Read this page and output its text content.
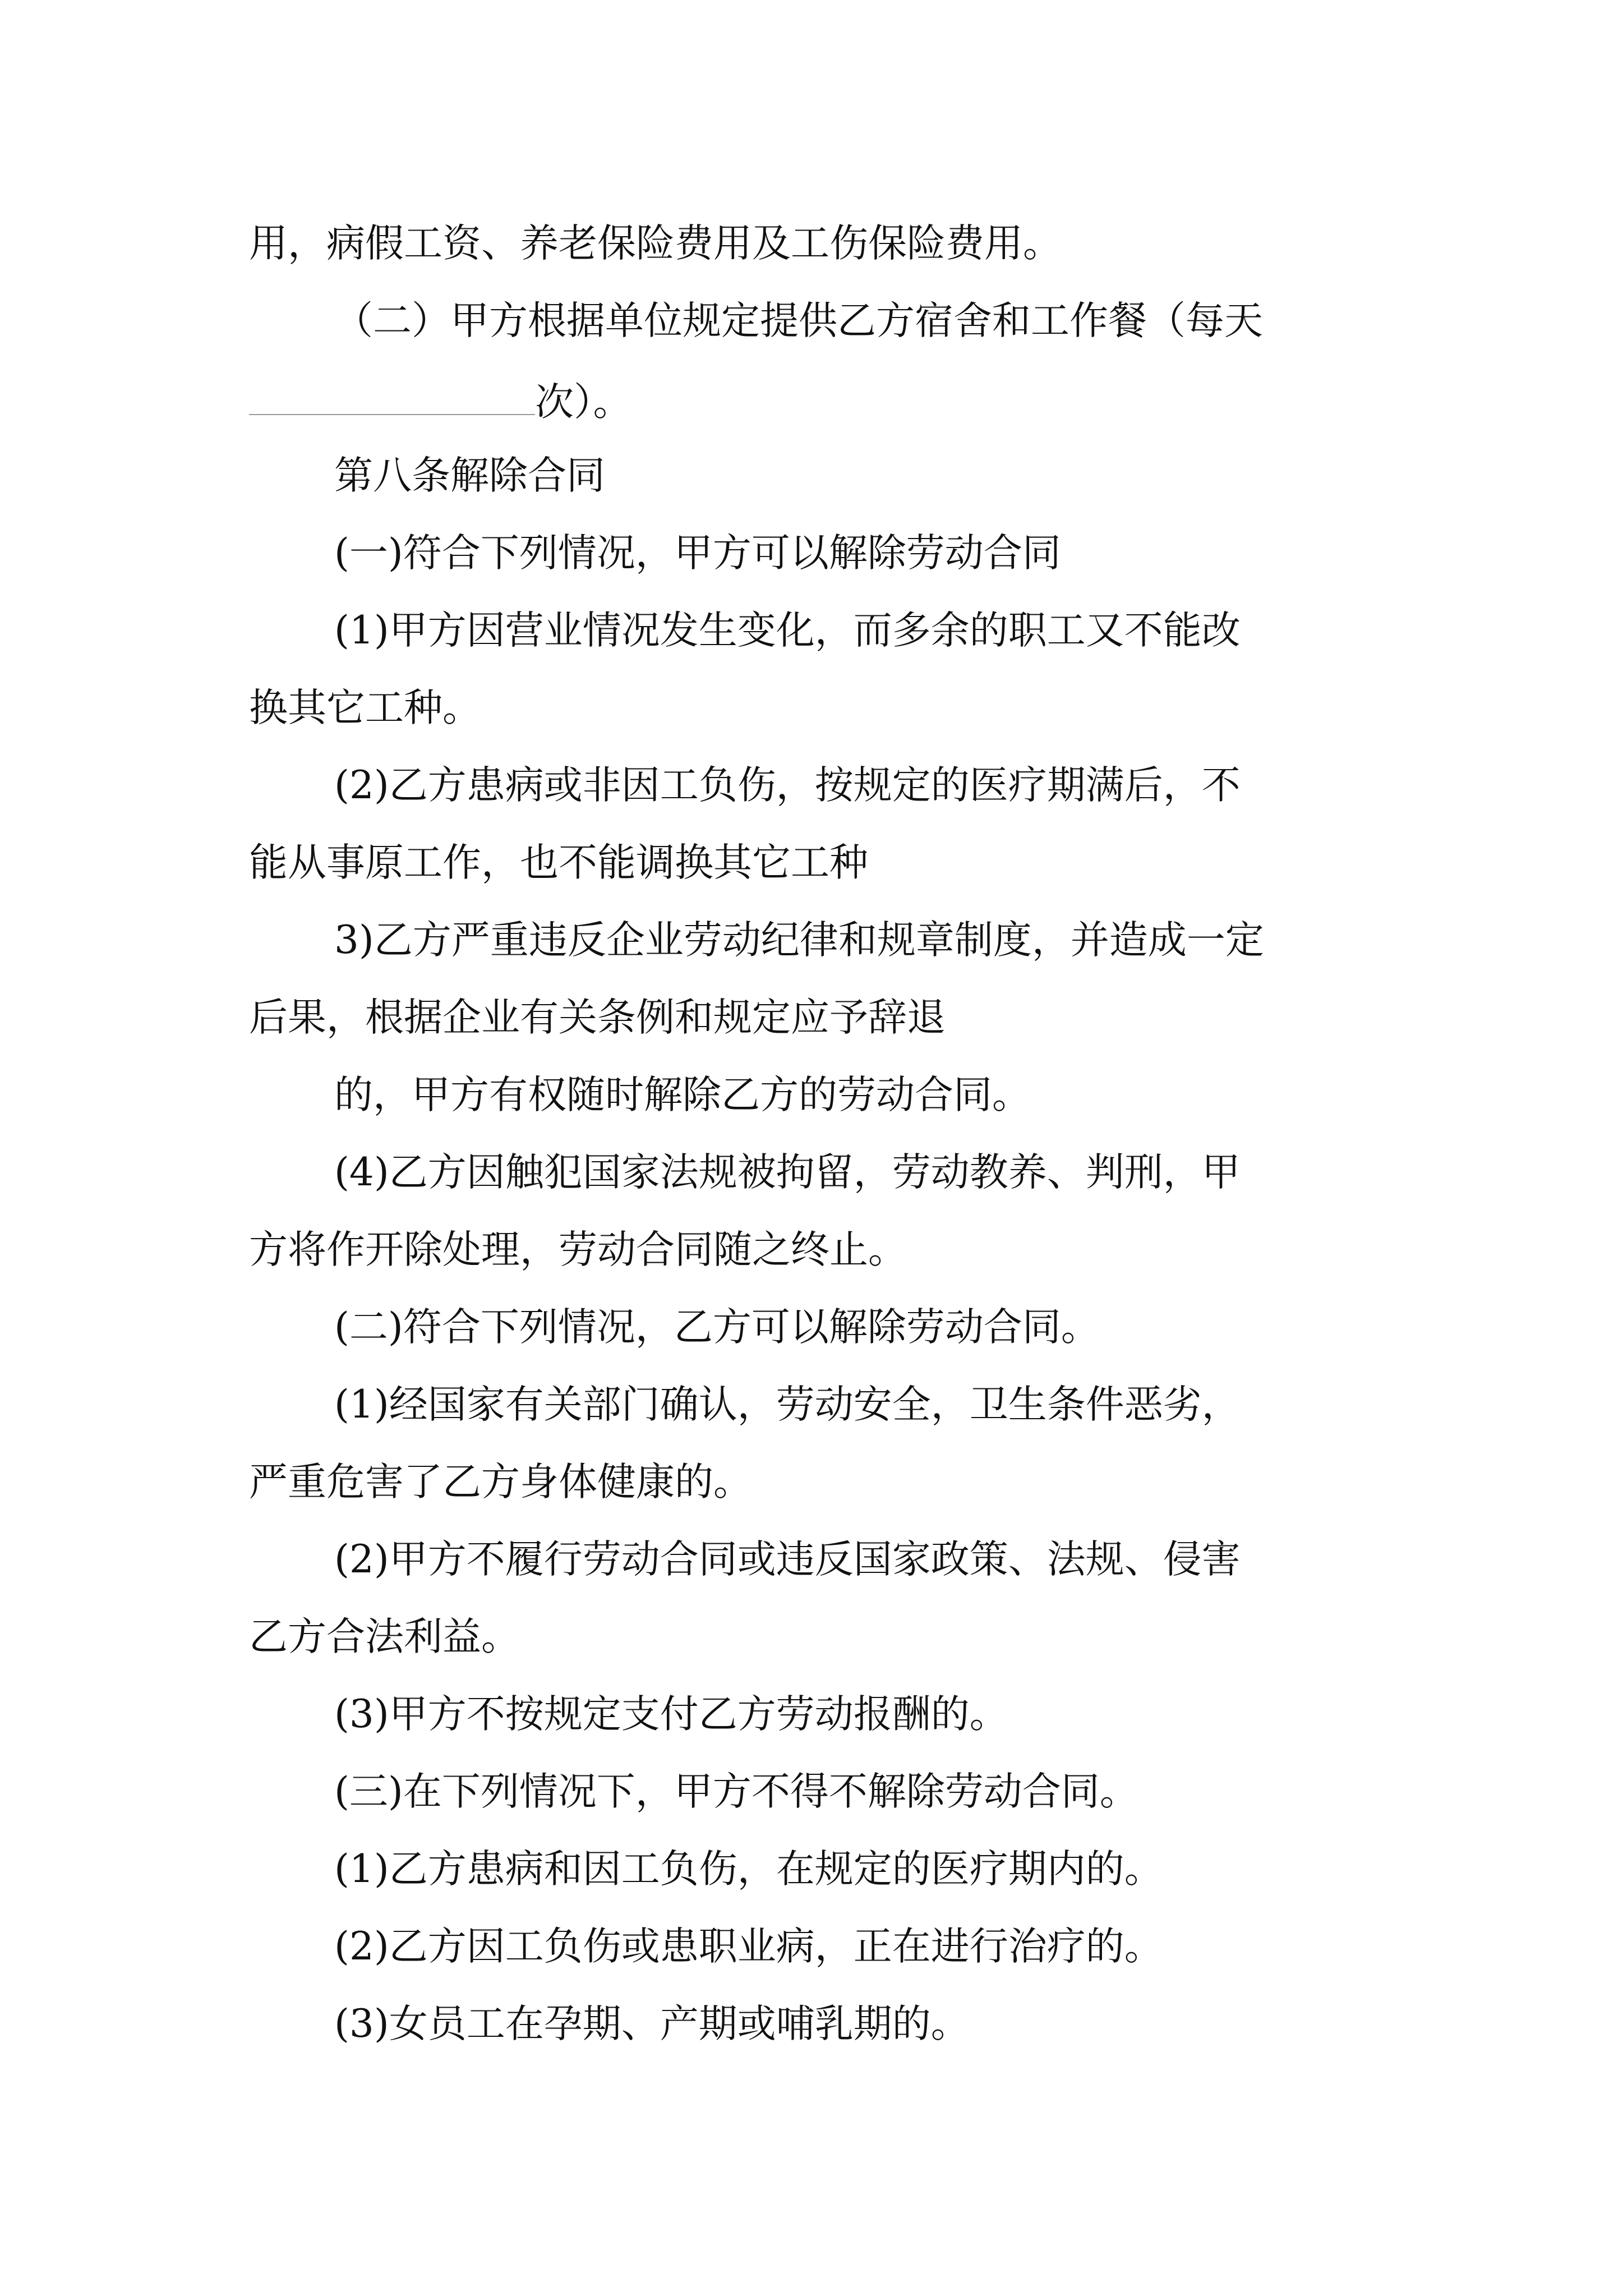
用，病假工资、养老保险费用及工伤保险费用。
（二）甲方根据单位规定提供乙方宿舍和工作餐（每天
次）。
第八条解除合同
(一)符合下列情况，甲方可以解除劳动合同
(1)甲方因营业情况发生变化，而多余的职工又不能改
换其它工种。
(2)乙方患病或非因工负伤，按规定的医疗期满后，不
能从事原工作，也不能调换其它工种
3)乙方严重违反企业劳动纪律和规章制度，并造成一定
后果，根据企业有关条例和规定应予辞退
的，甲方有权随时解除乙方的劳动合同。
(4)乙方因触犯国家法规被拘留，劳动教养、判刑，甲
方将作开除处理，劳动合同随之终止。
(二)符合下列情况，乙方可以解除劳动合同。
(1)经国家有关部门确认，劳动安全，卫生条件恶劣，
严重危害了乙方身体健康的。
(2)甲方不履行劳动合同或违反国家政策、法规、侵害
乙方合法利益。
(3)甲方不按规定支付乙方劳动报酬的。
(三)在下列情况下，甲方不得不解除劳动合同。
(1)乙方患病和因工负伤，在规定的医疗期内的。
(2)乙方因工负伤或患职业病，正在进行治疗的。
(3)女员工在孕期、产期或哺乳期的。
